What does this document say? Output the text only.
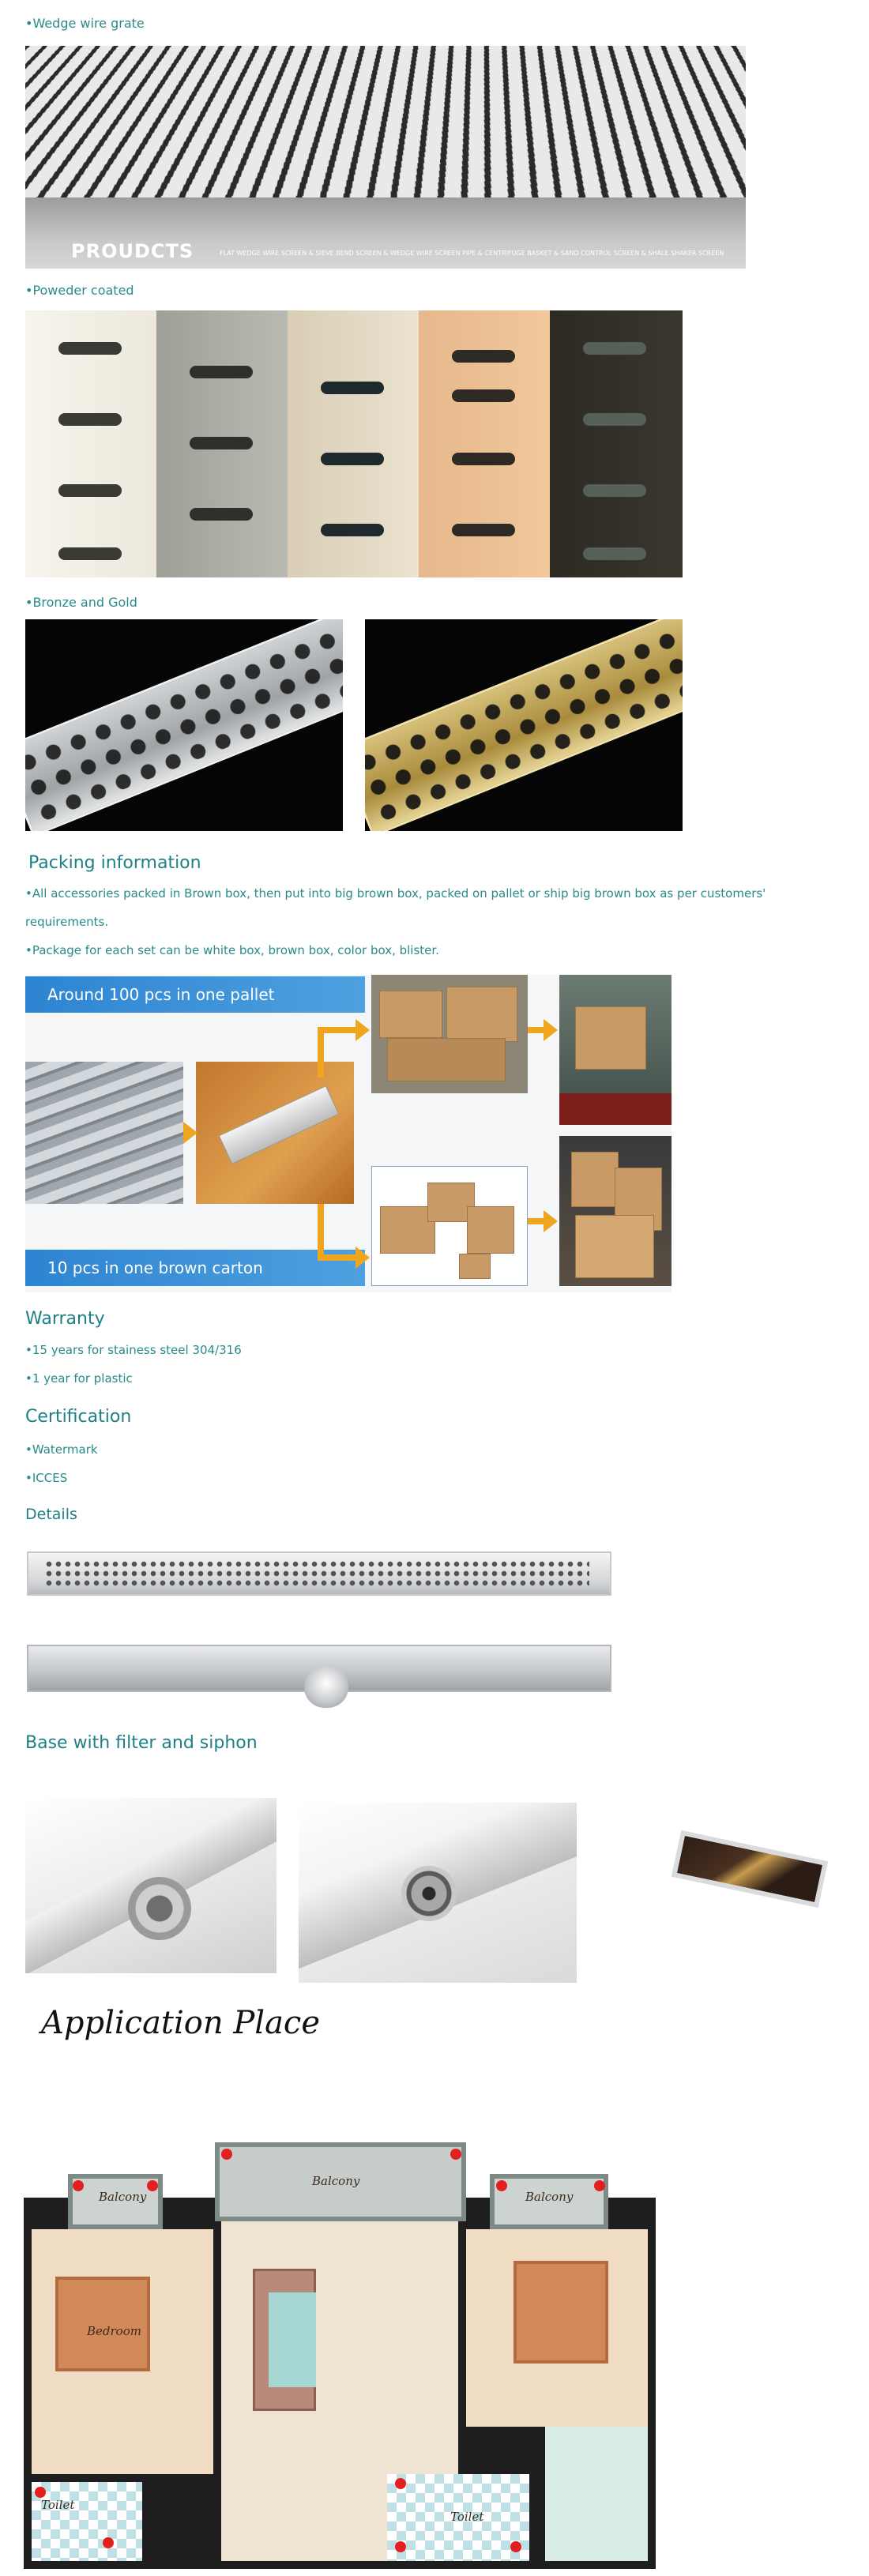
•Wedge wire grate
PROUDCTS	FLAT WEDGE WIRE SCREEN & SIEVE BEND SCREEN & WEDGE WIRE SCREEN PIPE & CENTRIFUGE BASKET & SAND CONTROL SCREEN & SHALE SHAKER SCREEN
•Poweder coated
•Bronze and Gold
Packing information
•All accessories packed in Brown box, then put into big brown box, packed on pallet or ship big brown box as per customers'
requirements.
•Package for each set can be white box, brown box, color box, blister.
Around 100 pcs in one pallet
10 pcs in one brown carton
Warranty
•15 years for stainess steel 304/316
•1 year for plastic
Certification
•Watermark
•ICCES
Details
Base with filter and siphon
Application Place
Balcony
Balcony
Balcony
Bedroom
Toilet
Toilet
